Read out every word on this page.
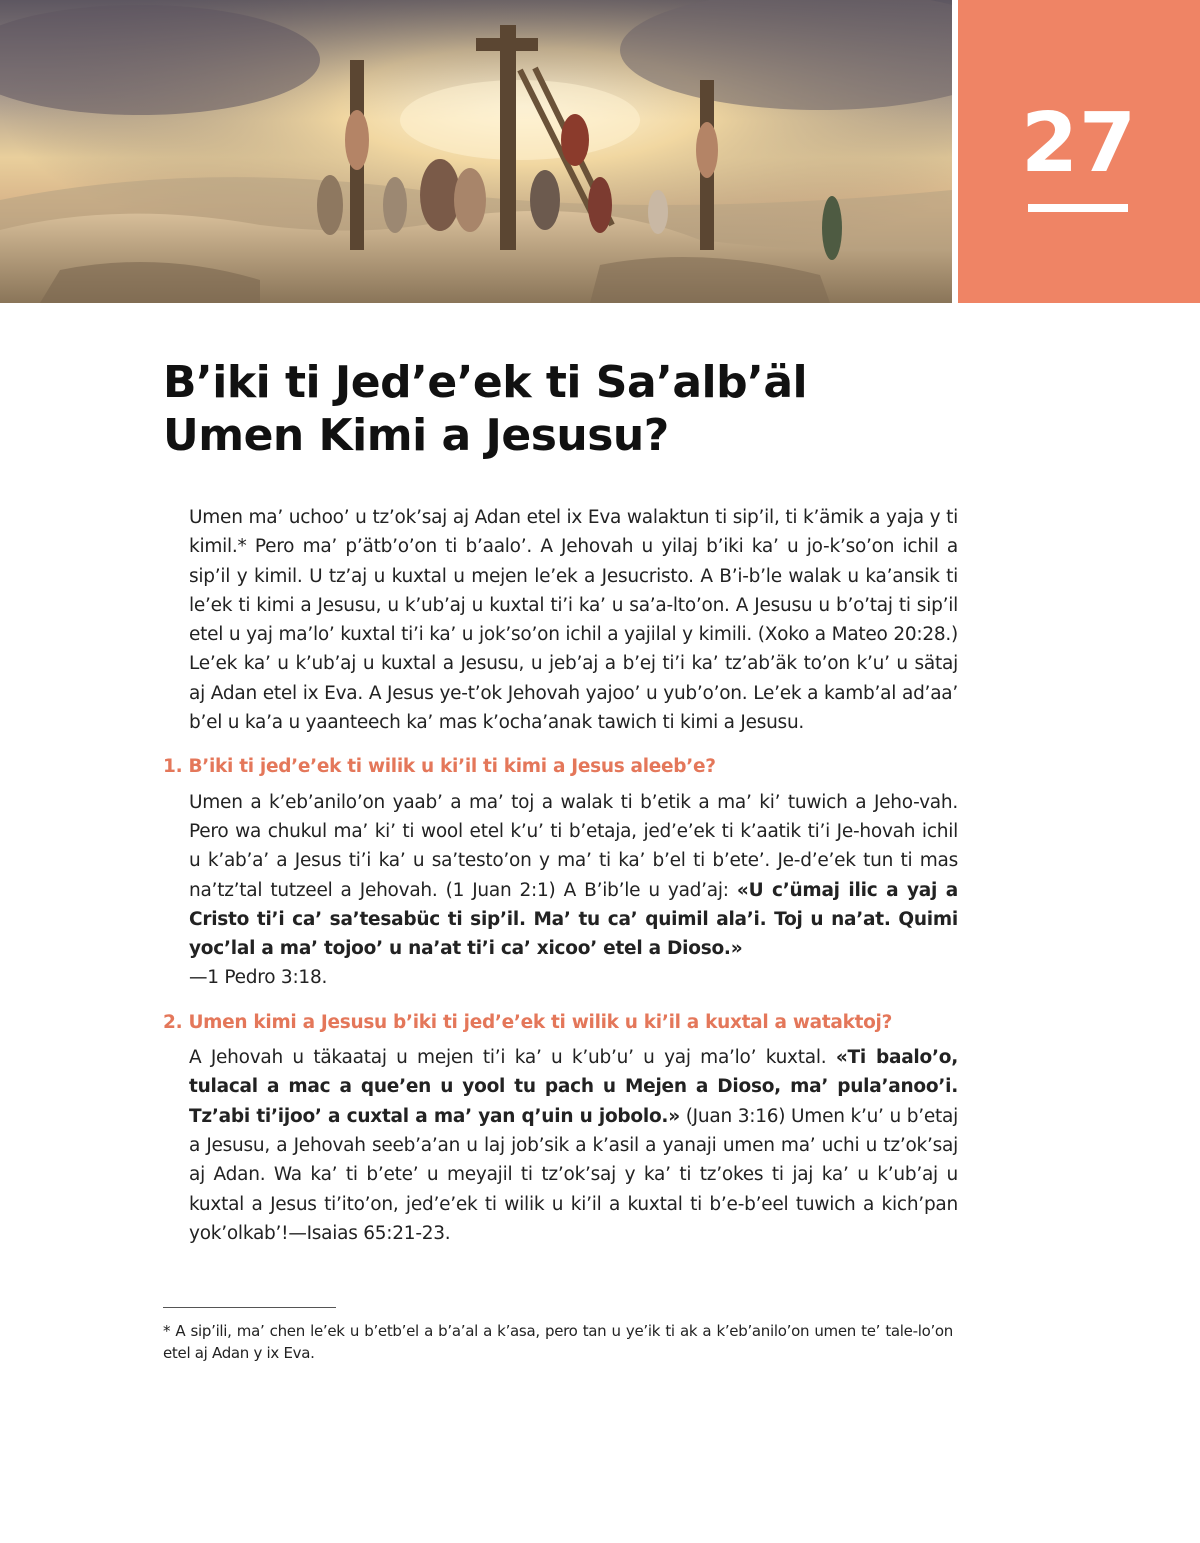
27
B’iki ti Jed’e’ek ti Sa’alb’äl
Umen Kimi a Jesusu?

Umen ma’ uchoo’ u tz’ok’saj aj Adan etel ix Eva walaktun ti sip’il, ti k’ämik a yaja y ti kimil.* Pero ma’ p’ätb’o’on ti b’aalo’. A Jehovah u yilaj b’iki ka’ u jo-k’so’on ichil a sip’il y kimil. U tz’aj u kuxtal u mejen le’ek a Jesucristo. A B’i-b’le walak u ka’ansik ti le’ek ti kimi a Jesusu, u k’ub’aj u kuxtal ti’i ka’ u sa’a-lto’on. A Jesusu u b’o’taj ti sip’il etel u yaj ma’lo’ kuxtal ti’i ka’ u jok’so’on ichil a yajilal y kimili. (Xoko a Mateo 20:28.) Le’ek ka’ u k’ub’aj u kuxtal a Jesusu, u jeb’aj a b’ej ti’i ka’ tz’ab’äk to’on k’u’ u sätaj aj Adan etel ix Eva. A Jesus ye-t’ok Jehovah yajoo’ u yub’o’on. Le’ek a kamb’al ad’aa’ b’el u ka’a u yaanteech ka’ mas k’ocha’anak tawich ti kimi a Jesusu.

1. B’iki ti jed’e’ek ti wilik u ki’il ti kimi a Jesus aleeb’e?

Umen a k’eb’anilo’on yaab’ a ma’ toj a walak ti b’etik a ma’ ki’ tuwich a Jeho-vah. Pero wa chukul ma’ ki’ ti wool etel k’u’ ti b’etaja, jed’e’ek ti k’aatik ti’i Je-hovah ichil u k’ab’a’ a Jesus ti’i ka’ u sa’testo’on y ma’ ti ka’ b’el ti b’ete’. Je-d’e’ek tun ti mas na’tz’tal tutzeel a Jehovah. (1 Juan 2:1) A B’ib’le u yad’aj: «U c’ümaj ilic a yaj a Cristo ti’i ca’ sa’tesabüc ti sip’il. Ma’ tu ca’ quimil ala’i. Toj u na’at. Quimi yoc’lal a ma’ tojoo’ u na’at ti’i ca’ xicoo’ etel a Dioso.»
—1 Pedro 3:18.

2. Umen kimi a Jesusu b’iki ti jed’e’ek ti wilik u ki’il a kuxtal a wataktoj?

A Jehovah u täkaataj u mejen ti’i ka’ u k’ub’u’ u yaj ma’lo’ kuxtal. «Ti baalo’o, tulacal a mac a que’en u yool tu pach u Mejen a Dioso, ma’ pula’anoo’i. Tz’abi ti’ijoo’ a cuxtal a ma’ yan q’uin u jobolo.» (Juan 3:16) Umen k’u’ u b’etaj a Jesusu, a Jehovah seeb’a’an u laj job’sik a k’asil a yanaji umen ma’ uchi u tz’ok’saj aj Adan. Wa ka’ ti b’ete’ u meyajil ti tz’ok’saj y ka’ ti tz’okes ti jaj ka’ u k’ub’aj u kuxtal a Jesus ti’ito’on, jed’e’ek ti wilik u ki’il a kuxtal ti b’e-b’eel tuwich a kich’pan yok’olkab’!—Isaias 65:21-23.

* A sip’ili, ma’ chen le’ek u b’etb’el a b’a’al a k’asa, pero tan u ye’ik ti ak a k’eb’anilo’on umen te’ tale-lo’on etel aj Adan y ix Eva.
